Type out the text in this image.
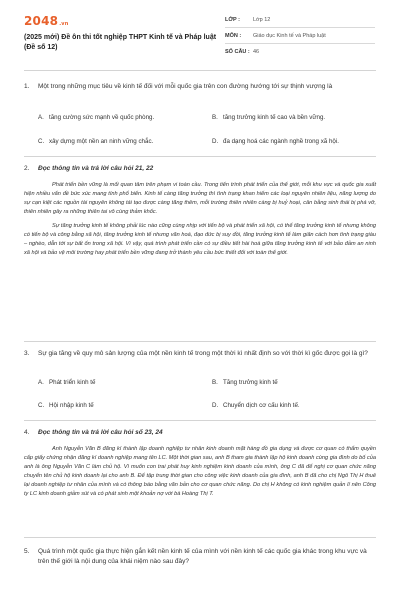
2048.vn
(2025 mới) Đề ôn thi tốt nghiệp THPT Kinh tế và Pháp luật (Đề số 12)
LỚP :	Lớp 12
MÔN :	Giáo dục Kinh tế và Pháp luật
SỐ CÂU : 46
1.	Một trong những mục tiêu về kinh tế đối với mỗi quốc gia trên con đường hướng tới sự thịnh vượng là
A. tăng cường sức mạnh về quốc phòng.	B. tăng trưởng kinh tế cao và bền vững.
C. xây dựng một nền an ninh vững chắc.	D. đa dạng hoá các ngành nghề trong xã hội.
2.	Đọc thông tin và trả lời câu hỏi 21, 22

Phát triển bền vững là mối quan tâm trên phạm vi toàn cầu. Trong tiến trình phát triển của thế giới, mỗi khu vực và quốc gia xuất hiện nhiều vấn đề bức xúc mang tính phổ biến. Kinh tế càng tăng trưởng thì tình trạng khan hiếm các loại nguyên nhiên liệu, năng lượng do sự cạn kiệt các nguồn tài nguyên không tái tạo được càng tăng thêm, mỗi trường thiên nhiên càng bị huỷ hoại, cân bằng sinh thái bị phá vỡ, thiên nhiên gây ra những thiên tai vô cùng thảm khốc.

Sự tăng trưởng kinh tế không phải lúc nào cũng cùng nhịp với tiến bộ và phát triển xã hội, có thể tăng trưởng kinh tế nhưng không có tiến bộ và công bằng xã hội, tăng trưởng kinh tế nhưng văn hoá, đạo đức bị suy đồi, tăng trưởng kinh tế làm giãn cách hơn tình trạng giàu – nghèo, dẫn tới sự bất ổn trong xã hội. Vì vậy, quá trình phát triển cần có sự điều tiết hài hoà giữa tăng trưởng kinh tế với bảo đảm an ninh xã hội và bảo vệ môi trường hay phát triển bền vững đang trở thành yêu cầu bức thiết đối với toàn thế giới.

3.	Sự gia tăng về quy mô sản lượng của một nền kinh tế trong một thời kì nhất định so với thời kì gốc được gọi là gì?
A. Phát triển kinh tế	B. Tăng trưởng kinh tế
C. Hội nhập kinh tế	D. Chuyển dịch cơ cấu kinh tế.
4.	Đọc thông tin và trả lời câu hỏi số 23, 24

Anh Nguyễn Văn B đăng kí thành lập doanh nghiệp tư nhân kinh doanh mặt hàng đồ gia dụng và được cơ quan có thẩm quyền cấp giấy chứng nhận đăng kí doanh nghiệp mang tên LC. Một thời gian sau, anh B tham gia thành lập hộ kinh doanh cùng gia đình do bố của anh là ông Nguyễn Văn C làm chủ hộ. Vì muốn con trai phát huy kinh nghiệm kinh doanh của mình, ông C đã để nghị cơ quan chức năng chuyển tên chủ hộ kinh doanh lại cho anh B. Để tập trung thời gian cho công việc kinh doanh của gia đình, anh B đã cho chị Ngô Thị H thuê lại doanh nghiệp tư nhân của mình và có thông báo bằng văn bản cho cơ quan chức năng. Do chị H không có kinh nghiệm quản lí nên Công ty LC kinh doanh giảm sút và có phát sinh một khoản nợ với bà Hoàng Thị T.

5.	Quá trình một quốc gia thực hiện gắn kết nền kinh tế của mình với nền kinh tế các quốc gia khác trong khu vực và trên thế giới là nội dung của khái niệm nào sau đây?
